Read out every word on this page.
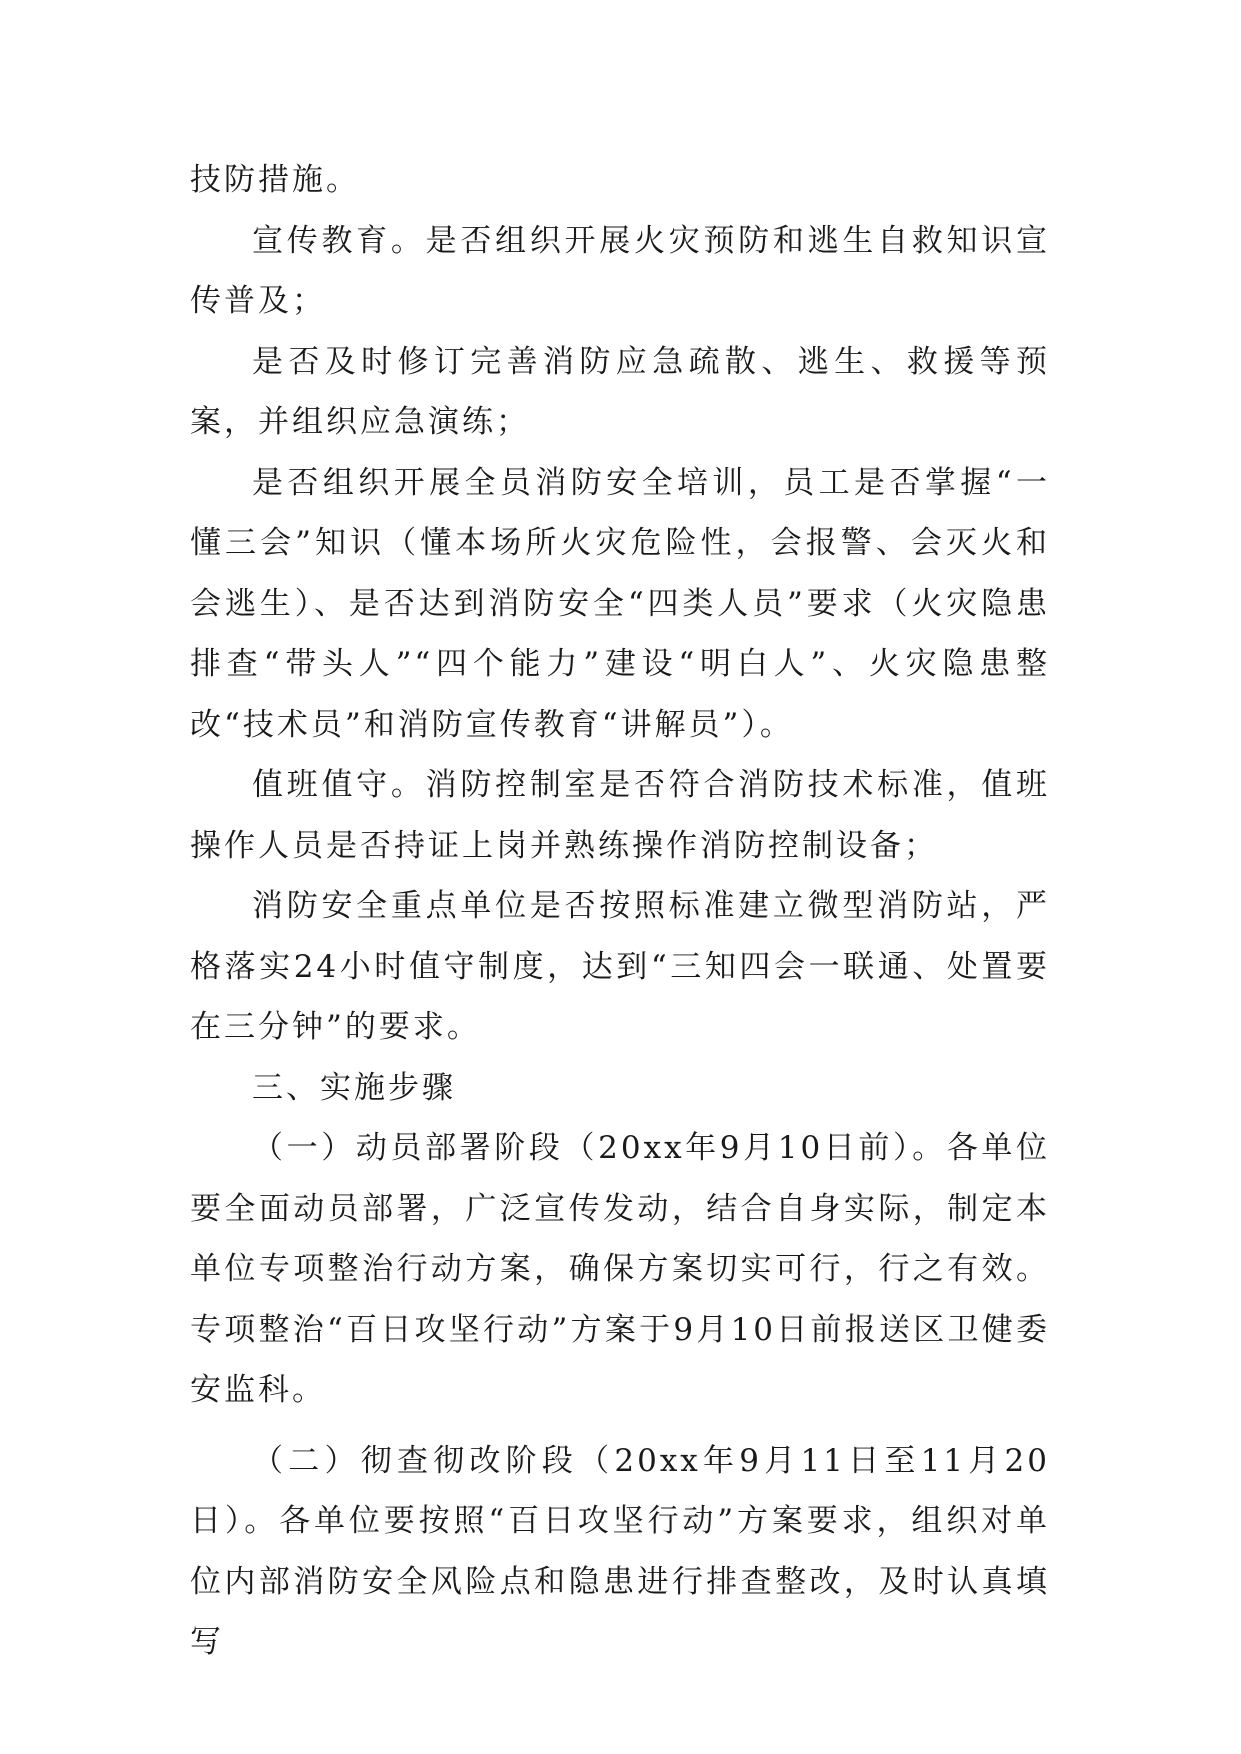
技防措施。

宣传教育。是否组织开展火灾预防和逃生自救知识宣传普及；

是否及时修订完善消防应急疏散、逃生、救援等预案，并组织应急演练；

是否组织开展全员消防安全培训，员工是否掌握“一懂三会”知识（懂本场所火灾危险性，会报警、会灭火和会逃生）、是否达到消防安全“四类人员”要求（火灾隐患排查“带头人”“四个能力”建设“明白人”、火灾隐患整改“技术员”和消防宣传教育“讲解员”）。

值班值守。消防控制室是否符合消防技术标准，值班操作人员是否持证上岗并熟练操作消防控制设备；

消防安全重点单位是否按照标准建立微型消防站，严格落实24小时值守制度，达到“三知四会一联通、处置要在三分钟”的要求。

三、实施步骤

（一）动员部署阶段（20xx年9月10日前）。各单位要全面动员部署，广泛宣传发动，结合自身实际，制定本单位专项整治行动方案，确保方案切实可行，行之有效。专项整治“百日攻坚行动”方案于9月10日前报送区卫健委安监科。

（二）彻查彻改阶段（20xx年9月11日至11月20日）。各单位要按照“百日攻坚行动”方案要求，组织对单位内部消防安全风险点和隐患进行排查整改，及时认真填写
